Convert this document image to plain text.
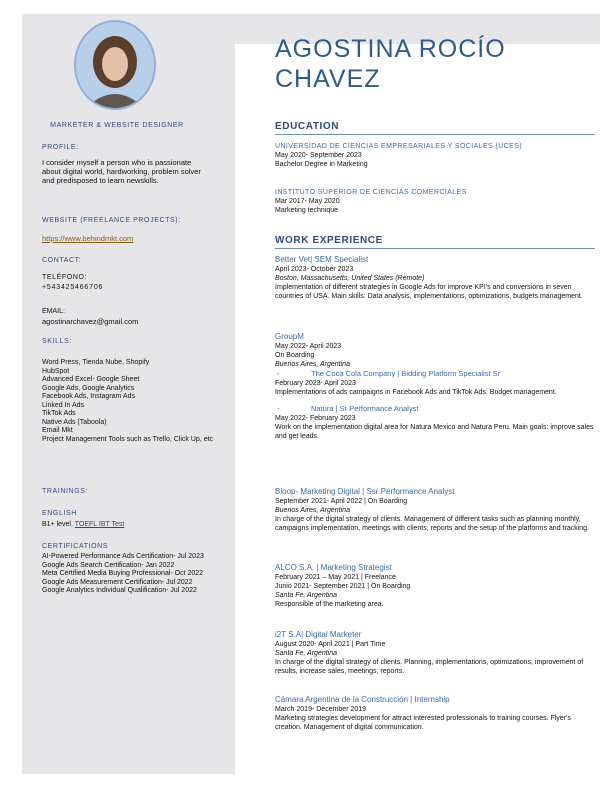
MARKETER & WEBSITE DESIGNER
PROFILE:
I consider myself a person who is passionate about digital world, hardworking, problem solver and predisposed to learn newskills.
WEBSITE (FREELANCE PROJECTS):
https://www.behindmkt.com
CONTACT:
TELÉFONO:
+543425466706
EMAIL:
agostinarchavez@gmail.com
SKILLS:
Word Press, Tienda Nube, Shopify
HubSpot
Advanced Excel- Google Sheet
Google Ads, Google Analytics
Facebook Ads, Instagram Ads
Linked In Ads
TikTok Ads
Native Ads (Taboola)
Email Mkt
Project Management Tools such as Trello, Click Up, etc
TRAININGS:
ENGLISH
B1+ level. TOEFL IBT Test
CERTIFICATIONS
AI-Powered Performance Ads Certification- Jul 2023
Google Ads Search Certification- Jan 2022
Meta Certified Media Buying Professional- Oct 2022
Google Ads Measurement Certification- Jul 2022
Google Analytics Individual Qualification- Jul 2022
AGOSTINA ROCÍO
CHAVEZ
EDUCATION
UNIVERSIDAD DE CIENCIAS EMPRESARIALES Y SOCIALES (UCES)
May 2020- September 2023
Bachelor Degree in Marketing
INSTITUTO SUPERIOR DE CIENCIAS COMERCIALES
Mar 2017- May 2020
Marketing technique
WORK EXPERIENCE
Better Vet| SEM Specialist
April 2023- October 2023
Boston, Massachusetts, United States (Remote)
Implementation of different strategies in Google Ads for improve KPI's and conversions in seven countries of USA. Main skills: Data analysis, implementations, optimizations, budgets management.
GroupM
May 2022- April 2023
On Boarding
Buenos Aires, Argentina
-	The Coca Cola Company | Bidding Platform Specialist Sr
February 2023- April 2023
Implementations of ads campaigns in Facebook Ads and TikTok Ads. Budget management.
-	Natura | Sr Performance Analyst
May 2022- February 2023
Work on the implementation digital area for Natura Mexico and Natura Peru. Main goals: improve sales and get leads.
Bloop- Marketing Digital | Ssr Performance Analyst
September 2021- April 2022 | On Boarding
Buenos Aires, Argentina
In charge of the digital strategy of clients. Management of different tasks such as planning monthly, campaigns implementation, meetings with clients, reports and the setup of the platforms and tracking.
ALCO S.A. | Marketing Strategist
February 2021 – May 2021 | Freelance
Junio 2021- September 2021 | On Boarding
Santa Fe, Argentina
Responsible of the marketing area.
i2T S.A| Digital Marketer
August 2020- April 2021 | Part Time
Santa Fe, Argentina
In charge of the digital strategy of clients. Planning, implementations, optimizations, improvement of results, increase sales, meetings, reports.
Cámara Argentina de la Construcción | Internship
March 2019- December 2019
Marketing strategies development for attract interested professionals to training courses. Flyer's creation. Management of digital communication.
